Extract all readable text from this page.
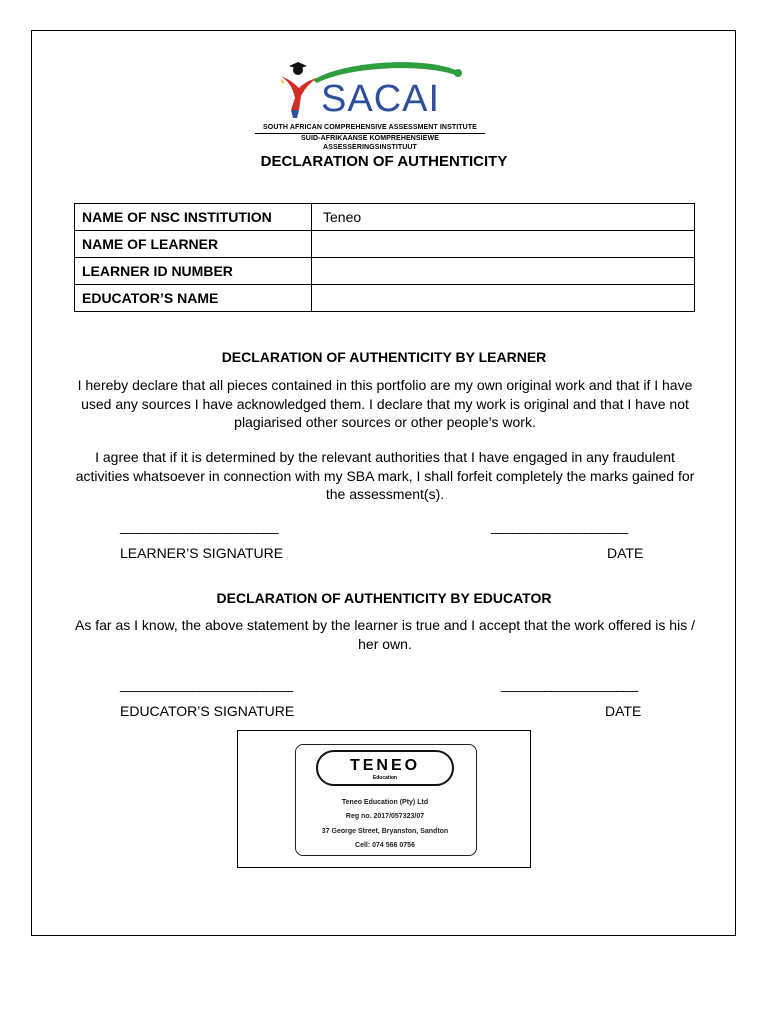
SACAI
SOUTH AFRICAN COMPREHENSIVE ASSESSMENT INSTITUTE
SUID-AFRIKAANSE KOMPREHENSIEWE ASSESSERINGSINSTITUUT
DECLARATION OF AUTHENTICITY
NAME OF NSC INSTITUTION	Teneo
NAME OF LEARNER	
LEARNER ID NUMBER	
EDUCATOR’S NAME	
DECLARATION OF AUTHENTICITY BY LEARNER
I hereby declare that all pieces contained in this portfolio are my own original work and that if I have used any sources I have acknowledged them. I declare that my work is original and that I have not plagiarised other sources or other people’s work.
I agree that if it is determined by the relevant authorities that I have engaged in any fraudulent activities whatsoever in connection with my SBA mark, I shall forfeit completely the marks gained for the assessment(s).
______________________	___________________
LEARNER’S SIGNATURE	DATE
DECLARATION OF AUTHENTICITY BY EDUCATOR
As far as I know, the above statement by the learner is true and I accept that the work offered is his / her own.
________________________	___________________
EDUCATOR’S SIGNATURE	DATE
TENEO
Education
Teneo Education (Pty) Ltd
Reg no. 2017/057323/07
37 George Street, Bryanston, Sandton
Cell: 074 566 0756
